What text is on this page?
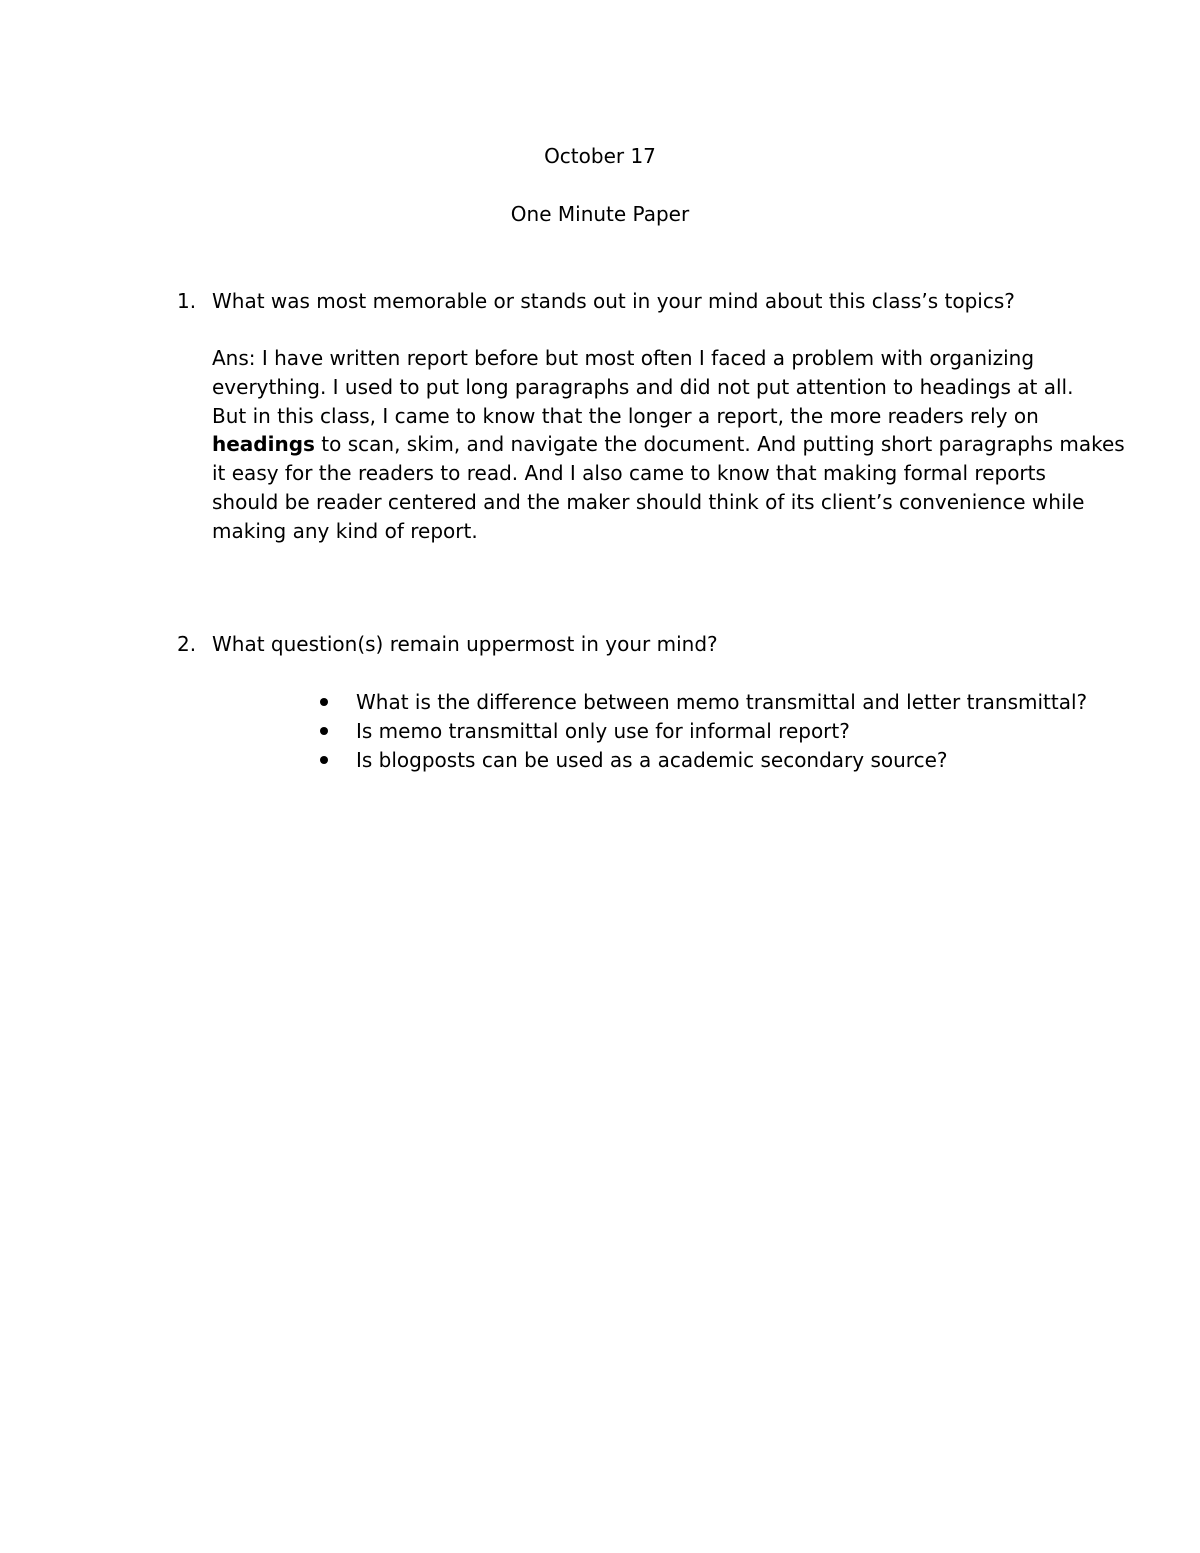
October 17
One Minute Paper
1. What was most memorable or stands out in your mind about this class’s topics?
Ans: I have written report before but most often I faced a problem with organizing
everything. I used to put long paragraphs and did not put attention to headings at all.
But in this class, I came to know that the longer a report, the more readers rely on
headings to scan, skim, and navigate the document. And putting short paragraphs makes
it easy for the readers to read. And I also came to know that making formal reports
should be reader centered and the maker should think of its client’s convenience while
making any kind of report.
2. What question(s) remain uppermost in your mind?
What is the difference between memo transmittal and letter transmittal?
Is memo transmittal only use for informal report?
Is blogposts can be used as a academic secondary source?
